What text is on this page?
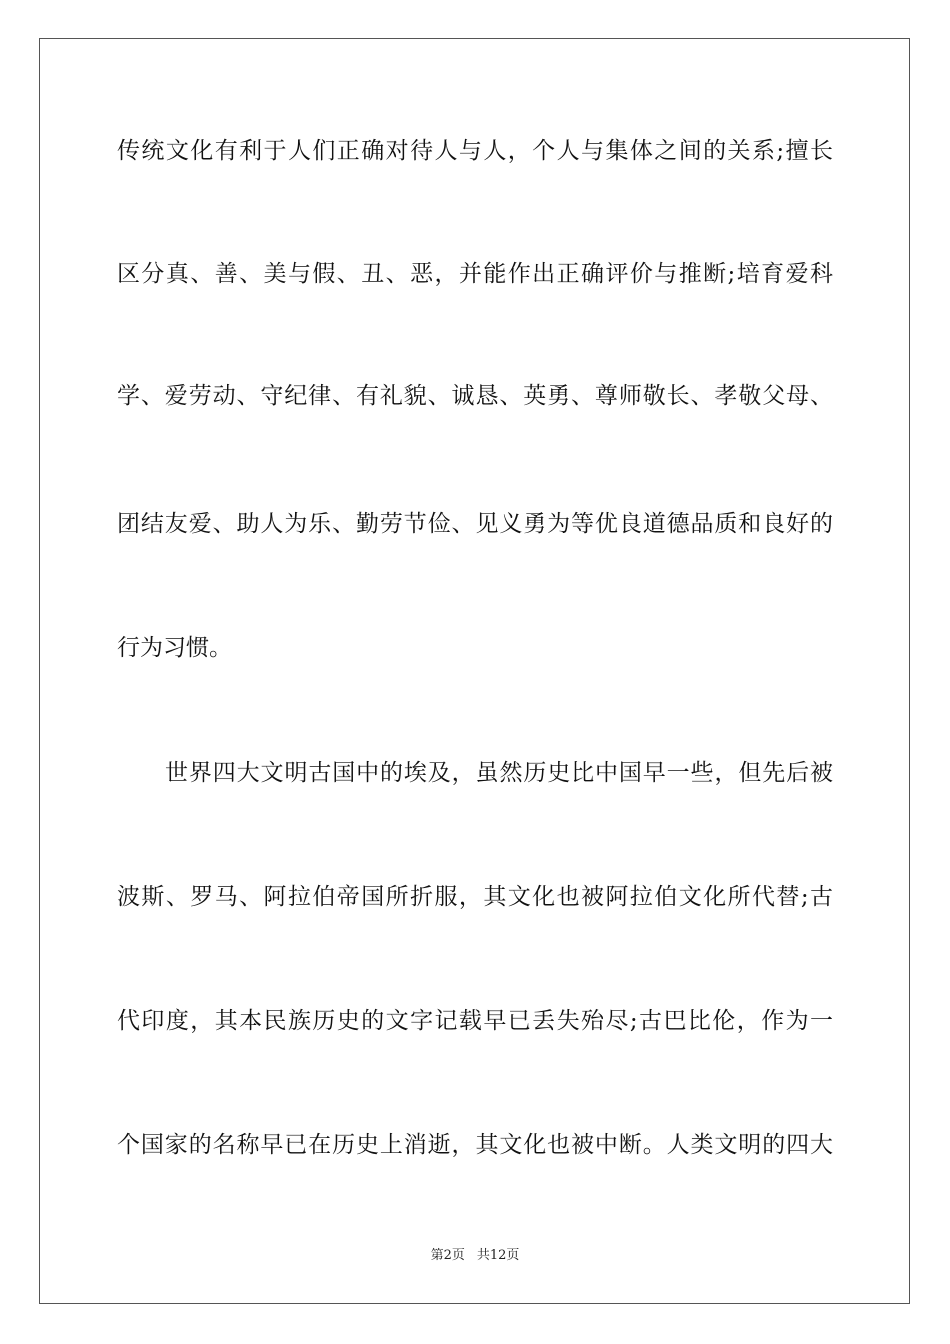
传统文化有利于人们正确对待人与人，个人与集体之间的关系;擅长
区分真、善、美与假、丑、恶，并能作出正确评价与推断;培育爱科
学、爱劳动、守纪律、有礼貌、诚恳、英勇、尊师敬长、孝敬父母、
团结友爱、助人为乐、勤劳节俭、见义勇为等优良道德品质和良好的
行为习惯。
世界四大文明古国中的埃及，虽然历史比中国早一些，但先后被
波斯、罗马、阿拉伯帝国所折服，其文化也被阿拉伯文化所代替;古
代印度，其本民族历史的文字记载早已丢失殆尽;古巴比伦，作为一
个国家的名称早已在历史上消逝，其文化也被中断。人类文明的四大
第2页 共12页
